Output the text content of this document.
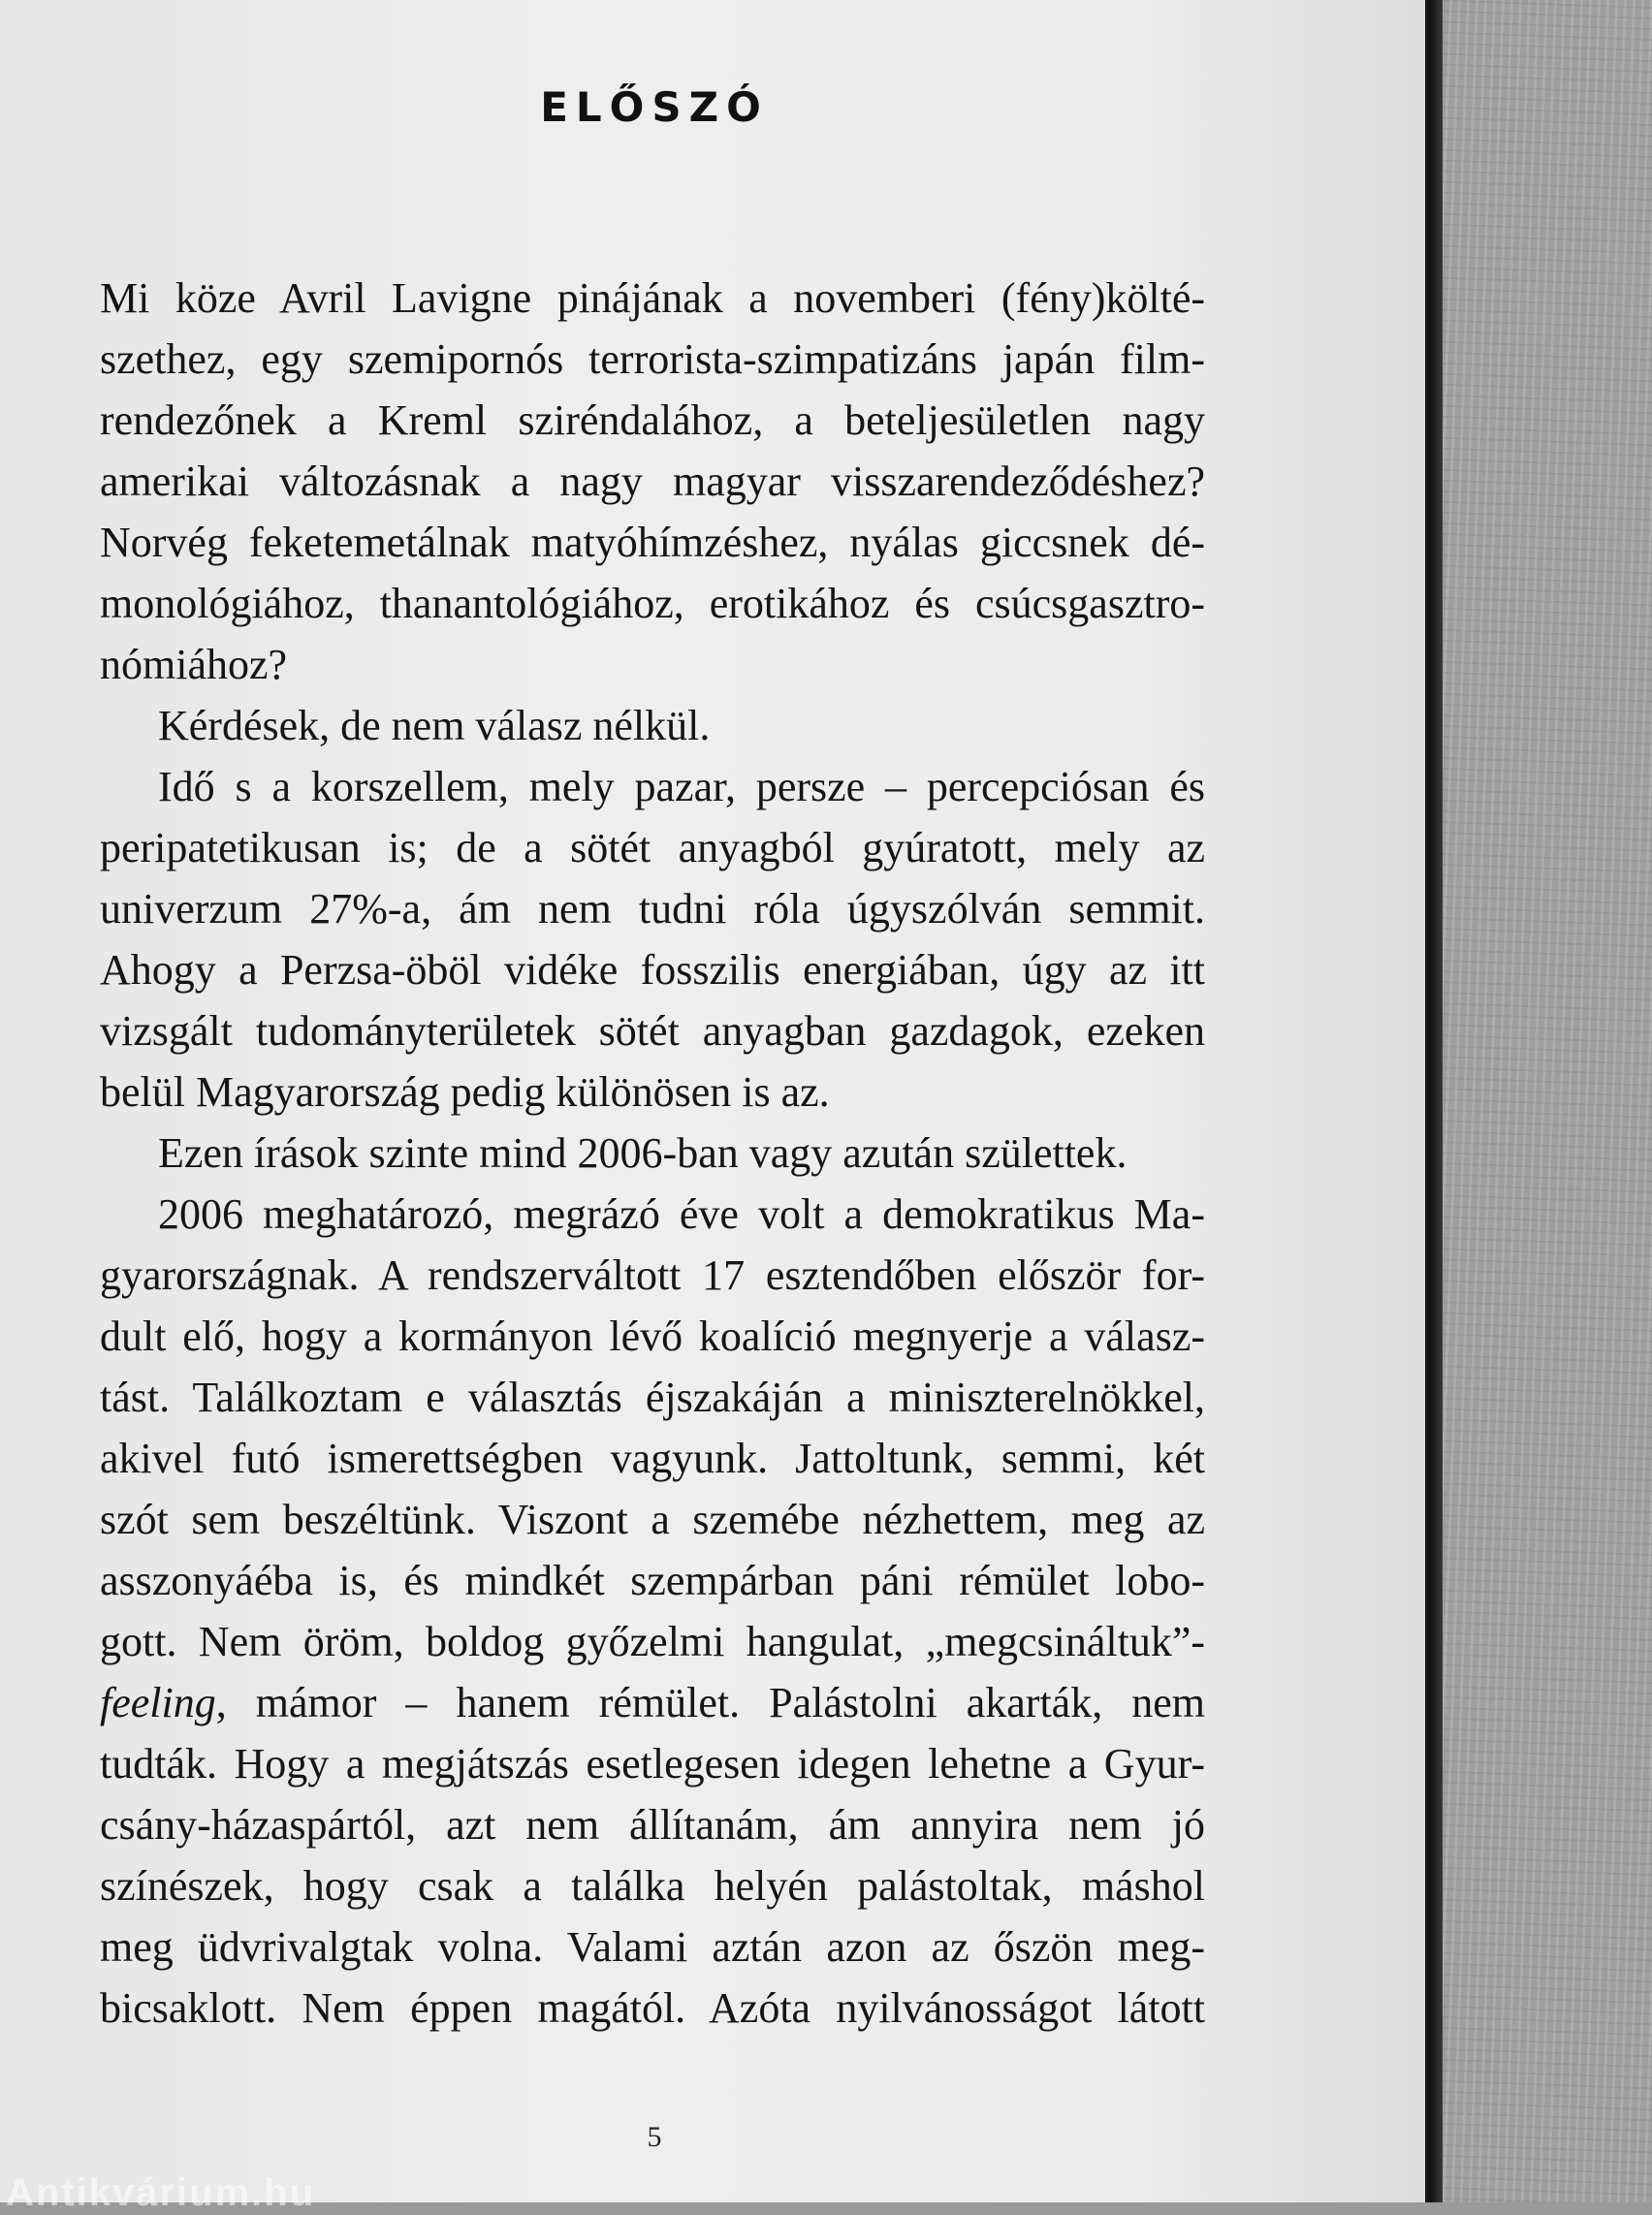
ELŐSZÓ
Mi köze Avril Lavigne pinájának a novemberi (fény)költé-
szethez, egy szemipornós terrorista-szimpatizáns japán film-
rendezőnek a Kreml sziréndalához, a beteljesületlen nagy
amerikai változásnak a nagy magyar visszarendeződéshez?
Norvég feketemetálnak matyóhímzéshez, nyálas giccsnek dé-
monológiához, thanantológiához, erotikához és csúcsgasztro-
nómiához?
Kérdések, de nem válasz nélkül.
Idő s a korszellem, mely pazar, persze – percepciósan és
peripatetikusan is; de a sötét anyagból gyúratott, mely az
univerzum 27%-a, ám nem tudni róla úgyszólván semmit.
Ahogy a Perzsa-öböl vidéke fosszilis energiában, úgy az itt
vizsgált tudományterületek sötét anyagban gazdagok, ezeken
belül Magyarország pedig különösen is az.
Ezen írások szinte mind 2006-ban vagy azután születtek.
2006 meghatározó, megrázó éve volt a demokratikus Ma-
gyarországnak. A rendszerváltott 17 esztendőben először for-
dult elő, hogy a kormányon lévő koalíció megnyerje a válasz-
tást. Találkoztam e választás éjszakáján a miniszterelnökkel,
akivel futó ismerettségben vagyunk. Jattoltunk, semmi, két
szót sem beszéltünk. Viszont a szemébe nézhettem, meg az
asszonyáéba is, és mindkét szempárban páni rémület lobo-
gott. Nem öröm, boldog győzelmi hangulat, „megcsináltuk”-
feeling, mámor – hanem rémület. Palástolni akarták, nem
tudták. Hogy a megjátszás esetlegesen idegen lehetne a Gyur-
csány-házaspártól, azt nem állítanám, ám annyira nem jó
színészek, hogy csak a találka helyén palástoltak, máshol
meg üdvrivalgtak volna. Valami aztán azon az őszön meg-
bicsaklott. Nem éppen magától. Azóta nyilvánosságot látott
5
Antikvárium.hu
